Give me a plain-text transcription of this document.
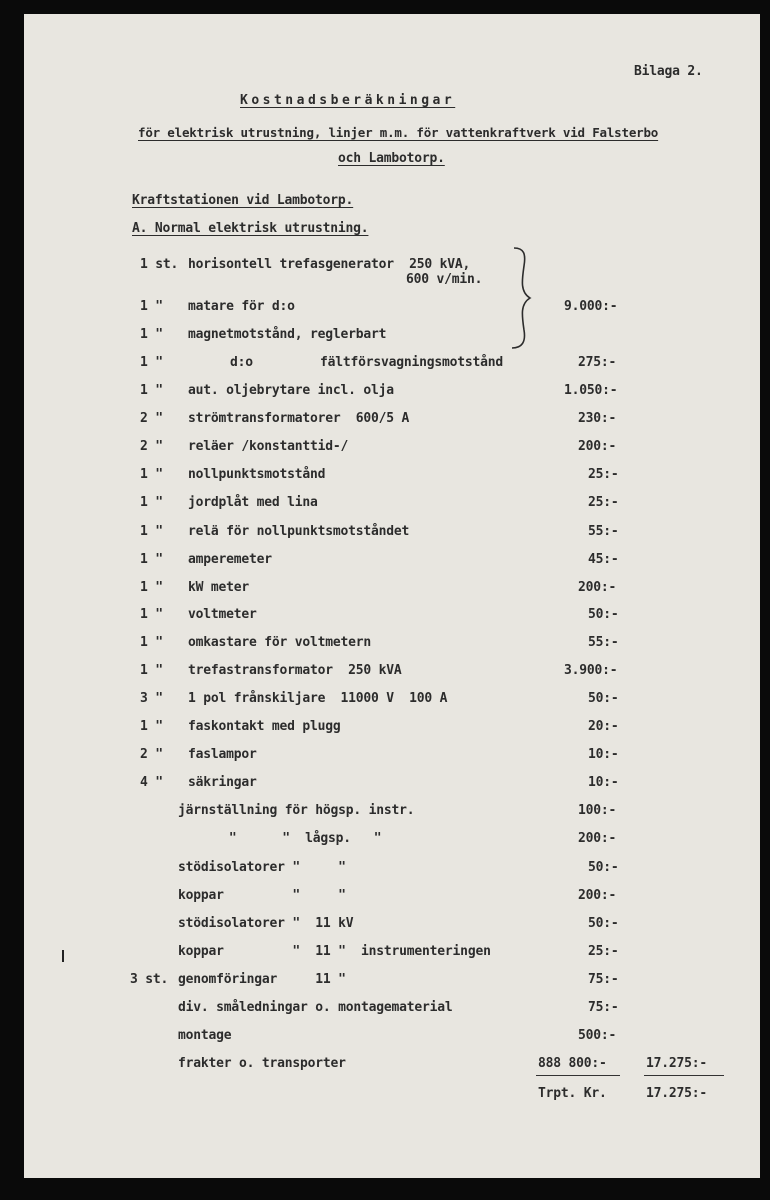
Bilaga 2.
Kostnadsberäkningar
för elektrisk utrustning, linjer m.m. för vattenkraftverk vid Falsterbo
och Lambotorp.
Kraftstationen vid Lambotorp.
A. Normal elektrisk utrustning.
1 st. horisontell trefasgenerator  250 kVA,
600 v/min.
1 " matare för d:o	9.000:-
1 " magnetmotstånd, reglerbart
1 "	d:o	fältförsvagningsmotstånd	275:-
1 " aut. oljebrytare incl. olja	1.050:-
2 " strömtransformatorer  600/5 A	230:-
2 " reläer /konstanttid-/	200:-
1 " nollpunktsmotstånd	25:-
1 " jordplåt med lina	25:-
1 " relä för nollpunktsmotståndet	55:-
1 " amperemeter	45:-
1 " kW meter	200:-
1 " voltmeter	50:-
1 " omkastare för voltmetern	55:-
1 " trefastransformator  250 kVA	3.900:-
3 " 1 pol frånskiljare  11000 V  100 A	50:-
1 " faskontakt med plugg	20:-
2 " faslampor	10:-
4 " säkringar	10:-
järnställning för högsp. instr.	100:-
"      "  lågsp.   "	200:-
stödisolatorer "     "	50:-
koppar         "     "	200:-
stödisolatorer "  11 kV	50:-
koppar         "  11 "  instrumenteringen	25:-
3 st. genomföringar     11 "	75:-
div. småledningar o. montagematerial	75:-
montage	500:-
frakter o. transporter	888 800:-	17.275:-
Trpt. Kr.	17.275:-
